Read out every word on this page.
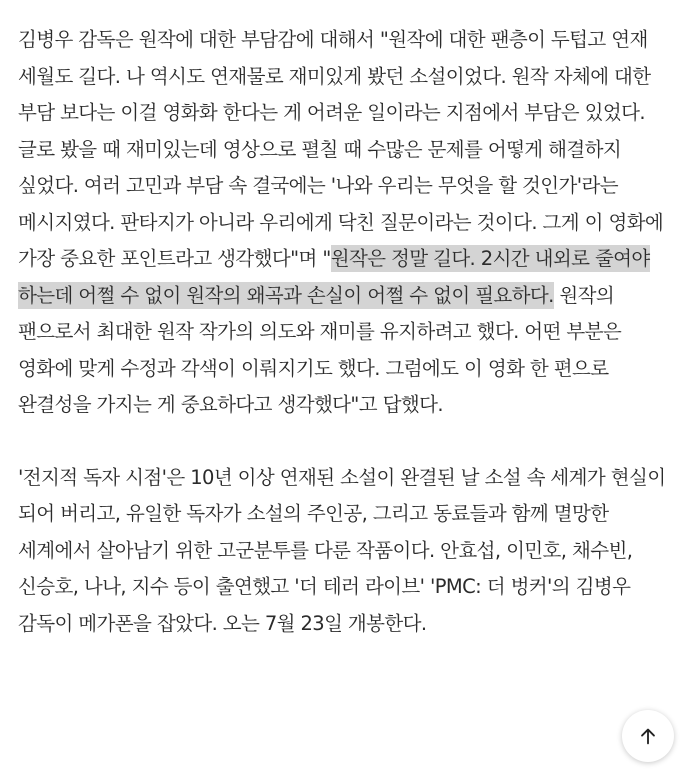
김병우 감독은 원작에 대한 부담감에 대해서 "원작에 대한 팬층이 두텁고 연재 세월도 길다. 나 역시도 연재물로 재미있게 봤던 소설이었다. 원작 자체에 대한 부담 보다는 이걸 영화화 한다는 게 어려운 일이라는 지점에서 부담은 있었다. 글로 봤을 때 재미있는데 영상으로 펼칠 때 수많은 문제를 어떻게 해결하지 싶었다. 여러 고민과 부담 속 결국에는 '나와 우리는 무엇을 할 것인가'라는 메시지였다. 판타지가 아니라 우리에게 닥친 질문이라는 것이다. 그게 이 영화에 가장 중요한 포인트라고 생각했다"며 "원작은 정말 길다. 2시간 내외로 줄여야 하는데 어쩔 수 없이 원작의 왜곡과 손실이 어쩔 수 없이 필요하다. 원작의 팬으로서 최대한 원작 작가의 의도와 재미를 유지하려고 했다. 어떤 부분은 영화에 맞게 수정과 각색이 이뤄지기도 했다. 그럼에도 이 영화 한 편으로 완결성을 가지는 게 중요하다고 생각했다"고 답했다.

'전지적 독자 시점'은 10년 이상 연재된 소설이 완결된 날 소설 속 세계가 현실이 되어 버리고, 유일한 독자가 소설의 주인공, 그리고 동료들과 함께 멸망한 세계에서 살아남기 위한 고군분투를 다룬 작품이다. 안효섭, 이민호, 채수빈, 신승호, 나나, 지수 등이 출연했고 '더 테러 라이브' 'PMC: 더 벙커'의 김병우 감독이 메가폰을 잡았다. 오는 7월 23일 개봉한다.
